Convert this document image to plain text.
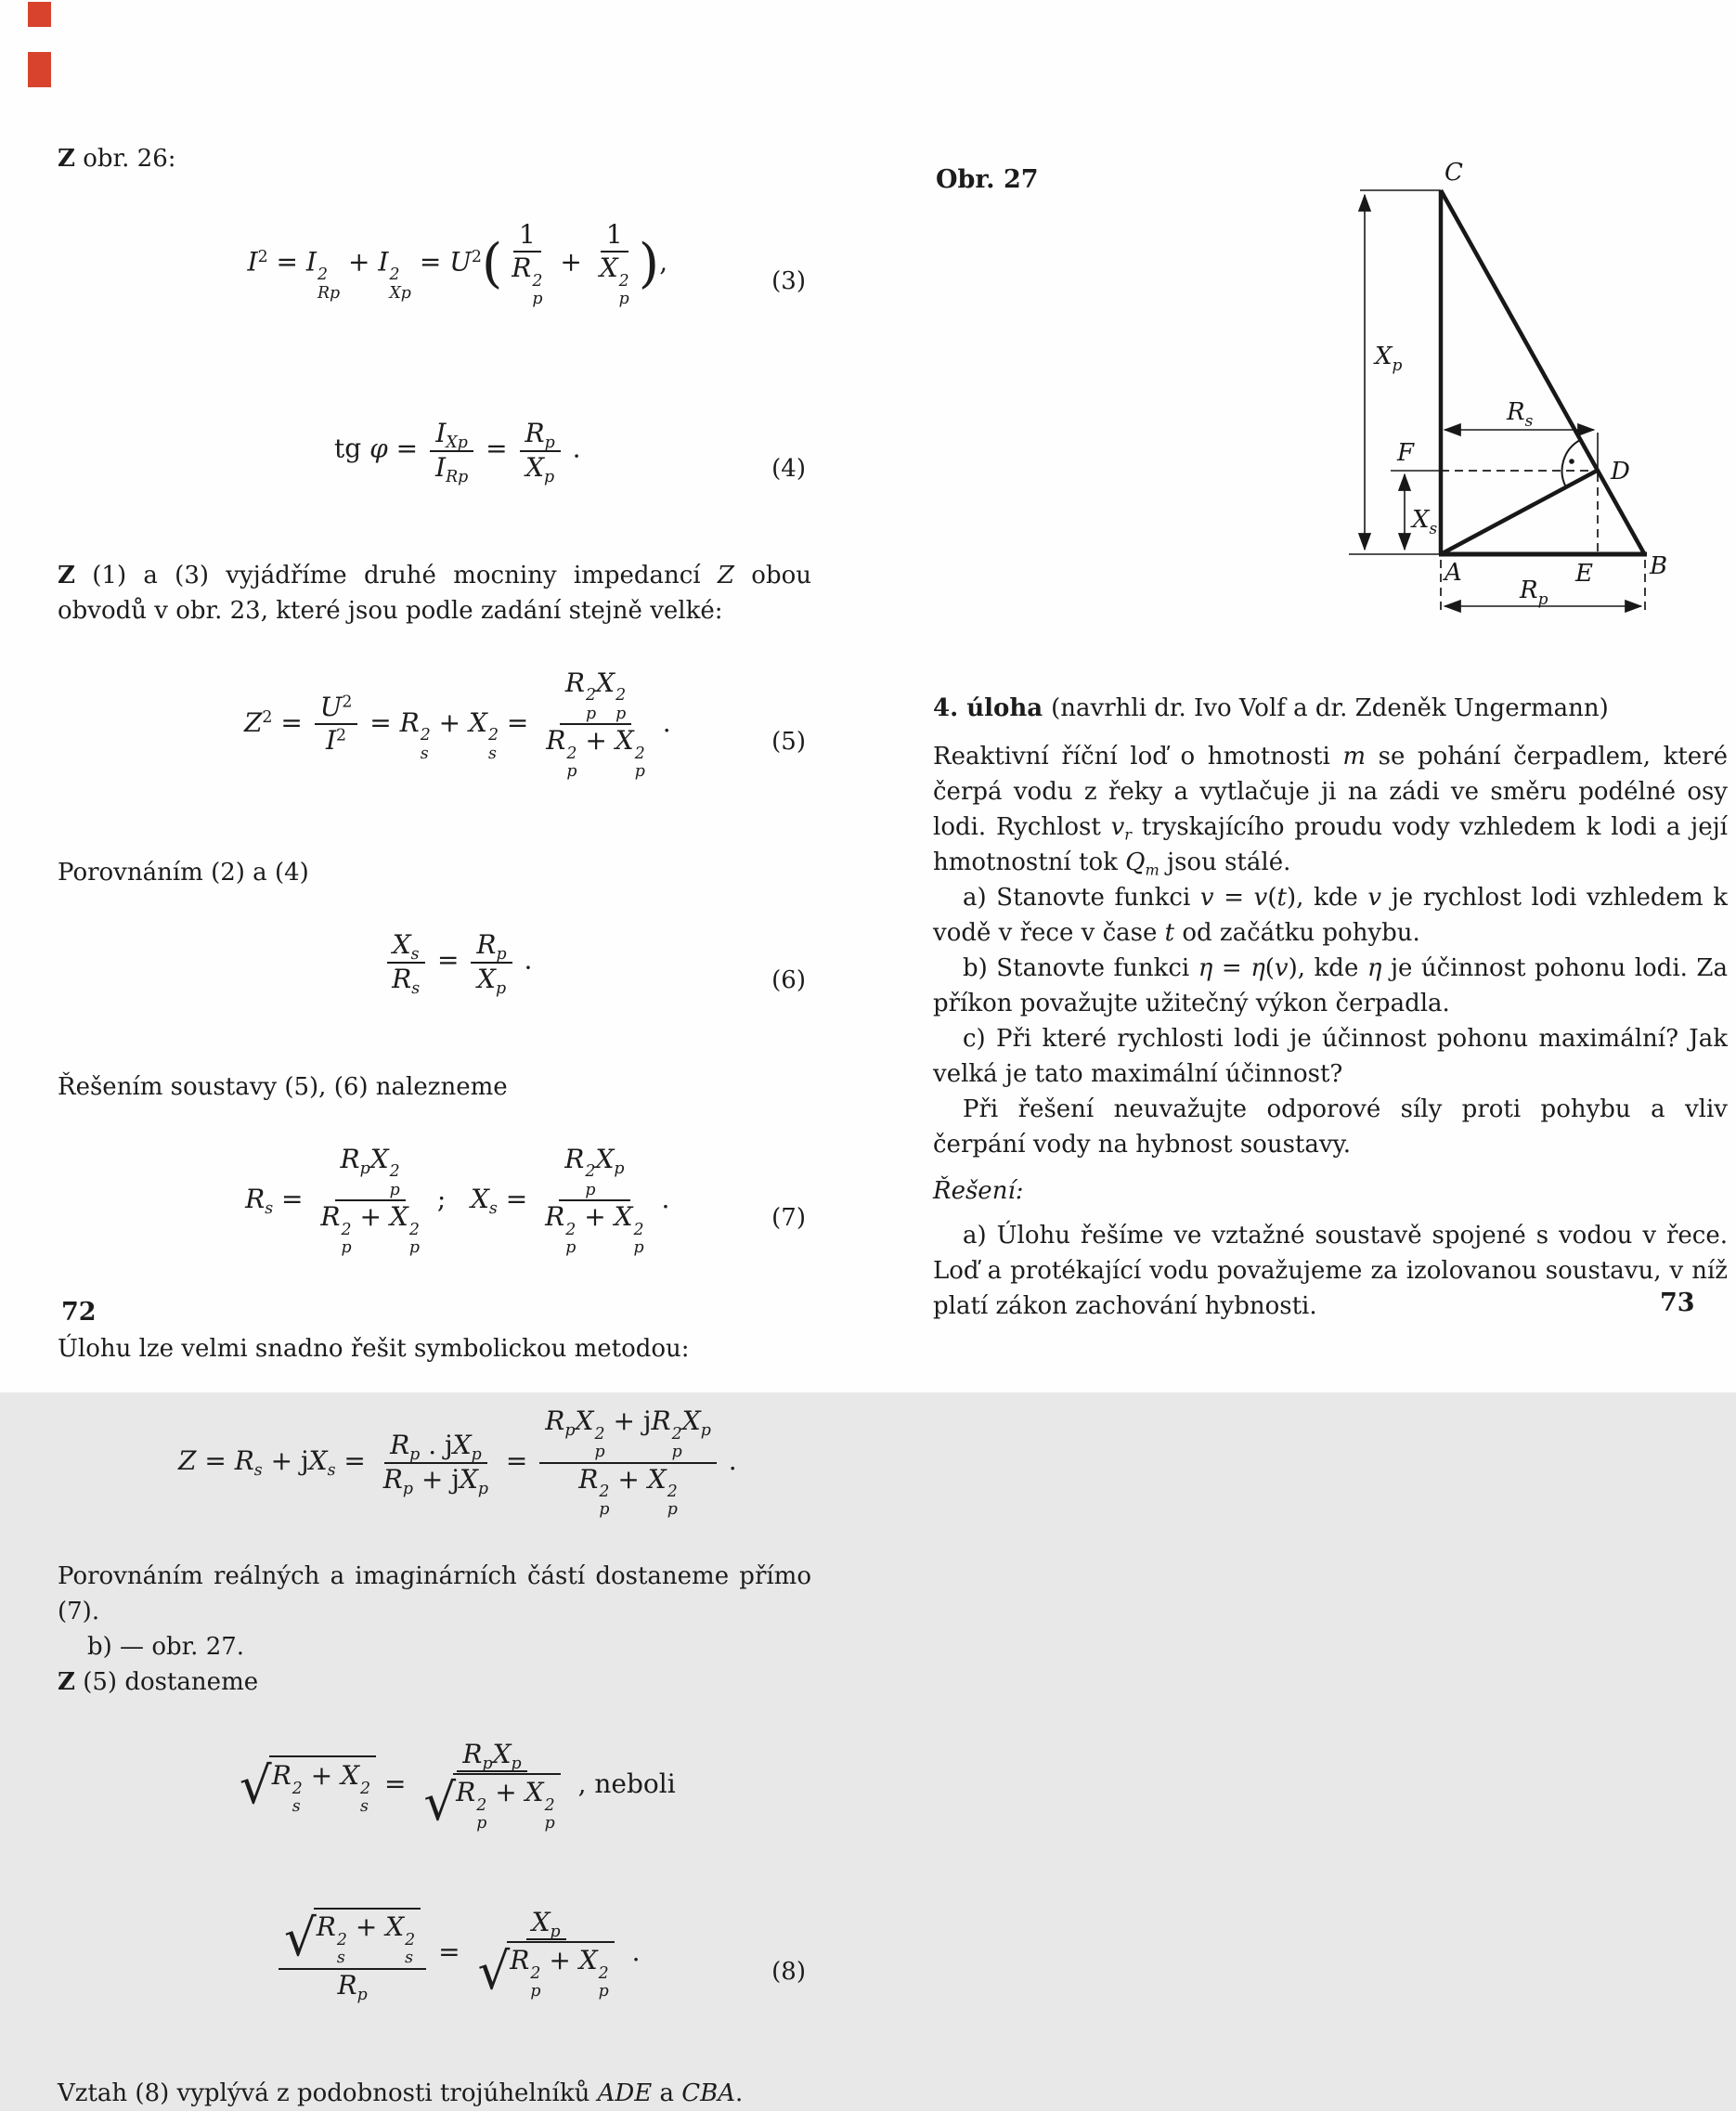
Z obr. 26:

$I^2 = I$ 2
Rp
+ I 2
Xp
= $U^2$( 1
R 2
p + 1
X 2
p ),

(3)

tg $\varphi = \frac{I_{Xp}}{I_{Rp}} = \frac{R_p}{X_p}$ .

(4)

Z (1) a (3) vyjádříme druhé mocniny impedancí Z obou obvodů v obr. 23, které jsou podle zadání stejně velké:

$Z^2 = \frac{U^2}{I^2} = R$ 2
s
+ X 2
s
= R 2
p
X 2
p
R 2
p
+ X 2
p .

(5)

Porovnáním (2) a (4)

$\frac{X_s}{R_s} = \frac{R_p}{X_p}$ .

(6)

Řešením soustavy (5), (6) nalezneme

$R_s = R_pX$ 2
p
R 2
p
+ X 2
p ;   $X_s = R$ 2
p
$X_p$
R 2
p
+ X 2
p .

(7)

Úlohu lze velmi snadno řešit symbolickou metodou:

$Z = R_s + jX_s = \frac{R_p . jX_p}{R_p + jX_p} = R_pX$ 2
p
+ jR 2
p
$X_p$
R 2
p
+ X 2
p .

Porovnáním reálných a imaginárních částí dostaneme přímo (7).

b) — obr. 27.

Z (5) dostaneme

√ R 2
s
+ X 2
s
= $R_pX_p$
√ R 2
p
+ X 2
p , neboli

√ R 2
s
+ X 2
s
$R_p = X_p$
√ R 2
p
+ X 2
p .

(8)

Vztah (8) vyplývá z podobnosti trojúhelníků ADE a CBA.

Obr. 27	C
A	B
D
E
F
$X_p$
$X_s$
$R_s$
$R_p$

4. úloha (navrhli dr. Ivo Volf a dr. Zdeněk Ungermann)

Reaktivní říční loď o hmotnosti m se pohání čerpadlem, které čerpá vodu z řeky a vytlačuje ji na zádi ve směru podélné osy lodi. Rychlost $v_r$ tryskajícího proudu vody vzhledem k lodi a její hmotnostní tok $Q_m$ jsou stálé.

a) Stanovte funkci v = v(t), kde v je rychlost lodi vzhledem k vodě v řece v čase t od začátku pohybu.

b) Stanovte funkci η = η(v), kde η je účinnost pohonu lodi. Za příkon považujte užitečný výkon čerpadla.

c) Při které rychlosti lodi je účinnost pohonu maximální? Jak velká je tato maximální účinnost?

Při řešení neuvažujte odporové síly proti pohybu a vliv čerpání vody na hybnost soustavy.

Řešení:

a) Úlohu řešíme ve vztažné soustavě spojené s vodou v řece. Loď a protékající vodu považujeme za izolovanou soustavu, v níž platí zákon zachování hybnosti.

72	73
